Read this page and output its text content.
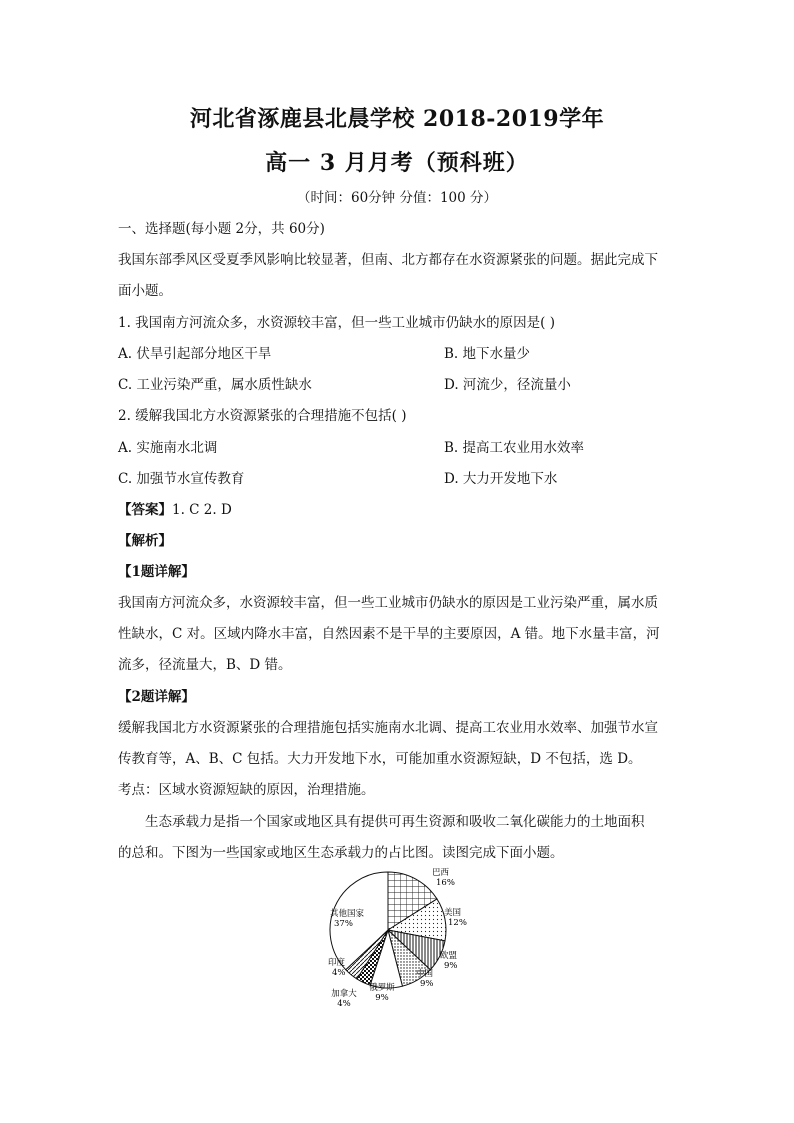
河北省涿鹿县北晨学校 2018-2019学年
高一 3 月月考（预科班）
（时间：60分钟 分值：100 分）
一、选择题(每小题 2分，共 60分)
我国东部季风区受夏季风影响比较显著，但南、北方都存在水资源紧张的问题。据此完成下
面小题。
1. 我国南方河流众多，水资源较丰富，但一些工业城市仍缺水的原因是( )
A. 伏旱引起部分地区干旱	B. 地下水量少
C. 工业污染严重，属水质性缺水	D. 河流少，径流量小
2. 缓解我国北方水资源紧张的合理措施不包括( )
A. 实施南水北调	B. 提高工农业用水效率
C. 加强节水宣传教育	D. 大力开发地下水
【答案】1. C 2. D
【解析】
【1题详解】
我国南方河流众多，水资源较丰富，但一些工业城市仍缺水的原因是工业污染严重，属水质
性缺水，C 对。区域内降水丰富，自然因素不是干旱的主要原因，A 错。地下水量丰富，河
流多，径流量大，B、D 错。
【2题详解】
缓解我国北方水资源紧张的合理措施包括实施南水北调、提高工农业用水效率、加强节水宣
传教育等，A、B、C 包括。大力开发地下水，可能加重水资源短缺，D 不包括，选 D。
考点：区域水资源短缺的原因，治理措施。
生态承载力是指一个国家或地区具有提供可再生资源和吸收二氧化碳能力的土地面积
的总和。下图为一些国家或地区生态承载力的占比图。读图完成下面小题。
巴西
16%
美国
12%
欧盟
9%
中国
9%
俄罗斯
9%
加拿大
4%
印度
4%
其他国家
37%
